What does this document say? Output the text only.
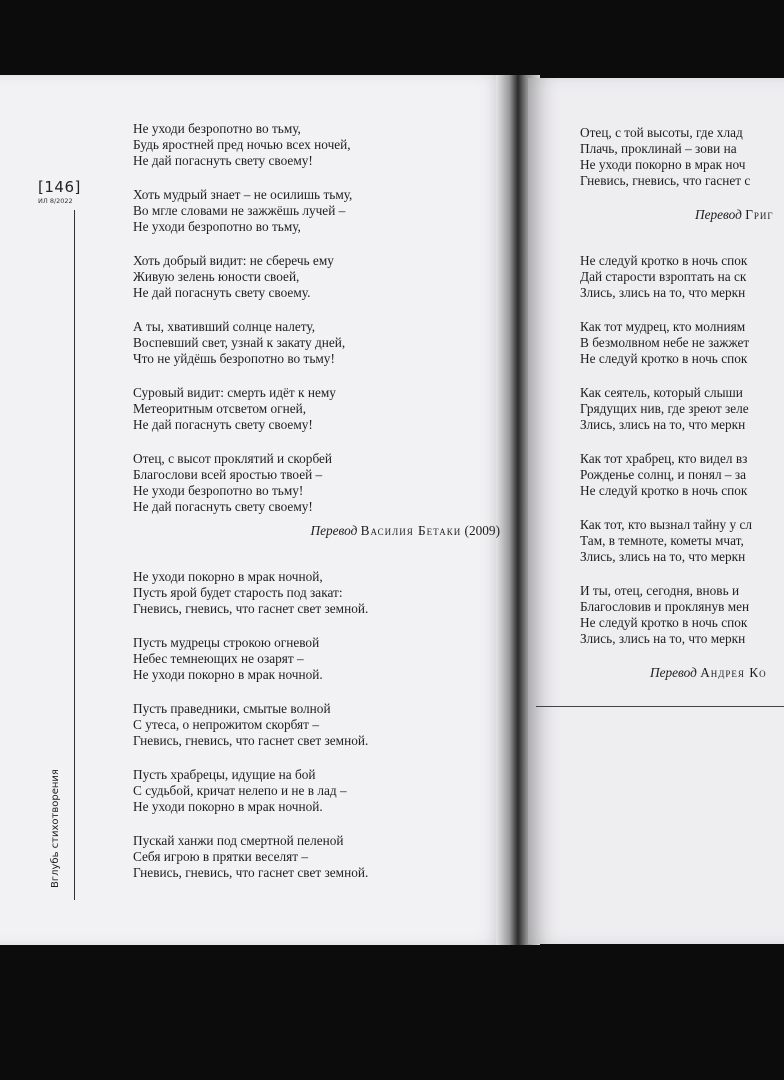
Отец, с той высоты, где хлад
Плачь, проклинай – зови на
Не уходи покорно в мрак ноч
Гневись, гневись, что гаснет с
Перевод Григ
Не следуй кротко в ночь спок
Дай старости взроптать на ск
Злись, злись на то, что меркн
Как тот мудрец, кто молниям
В безмолвном небе не зажжет
Не следуй кротко в ночь спок
Как сеятель, который слыши
Грядущих нив, где зреют зеле
Злись, злись на то, что меркн
Как тот храбрец, кто видел вз
Рожденье солнц, и понял – за
Не следуй кротко в ночь спок
Как тот, кто вызнал тайну у сл
Там, в темноте, кометы мчат,
Злись, злись на то, что меркн
И ты, отец, сегодня, вновь и
Благословив и проклянув мен
Не следуй кротко в ночь спок
Злись, злись на то, что меркн
Перевод Андрея Ко
[146]
ИЛ 8/2022
Вглубь стихотворения
Не уходи безропотно во тьму,
Будь яростней пред ночью всех ночей,
Не дай погаснуть свету своему!
Хоть мудрый знает – не осилишь тьму,
Во мгле словами не зажжёшь лучей –
Не уходи безропотно во тьму,
Хоть добрый видит: не сберечь ему
Живую зелень юности своей,
Не дай погаснуть свету своему.
А ты, хвативший солнце налету,
Воспевший свет, узнай к закату дней,
Что не уйдёшь безропотно во тьму!
Суровый видит: смерть идёт к нему
Метеоритным отсветом огней,
Не дай погаснуть свету своему!
Отец, с высот проклятий и скорбей
Благослови всей яростью твоей –
Не уходи безропотно во тьму!
Не дай погаснуть свету своему!
Перевод Василия Бетаки (2009)
Не уходи покорно в мрак ночной,
Пусть ярой будет старость под закат:
Гневись, гневись, что гаснет свет земной.
Пусть мудрецы строкою огневой
Небес темнеющих не озарят –
Не уходи покорно в мрак ночной.
Пусть праведники, смытые волной
С утеса, о непрожитом скорбят –
Гневись, гневись, что гаснет свет земной.
Пусть храбрецы, идущие на бой
С судьбой, кричат нелепо и не в лад –
Не уходи покорно в мрак ночной.
Пускай ханжи под смертной пеленой
Себя игрою в прятки веселят –
Гневись, гневись, что гаснет свет земной.
